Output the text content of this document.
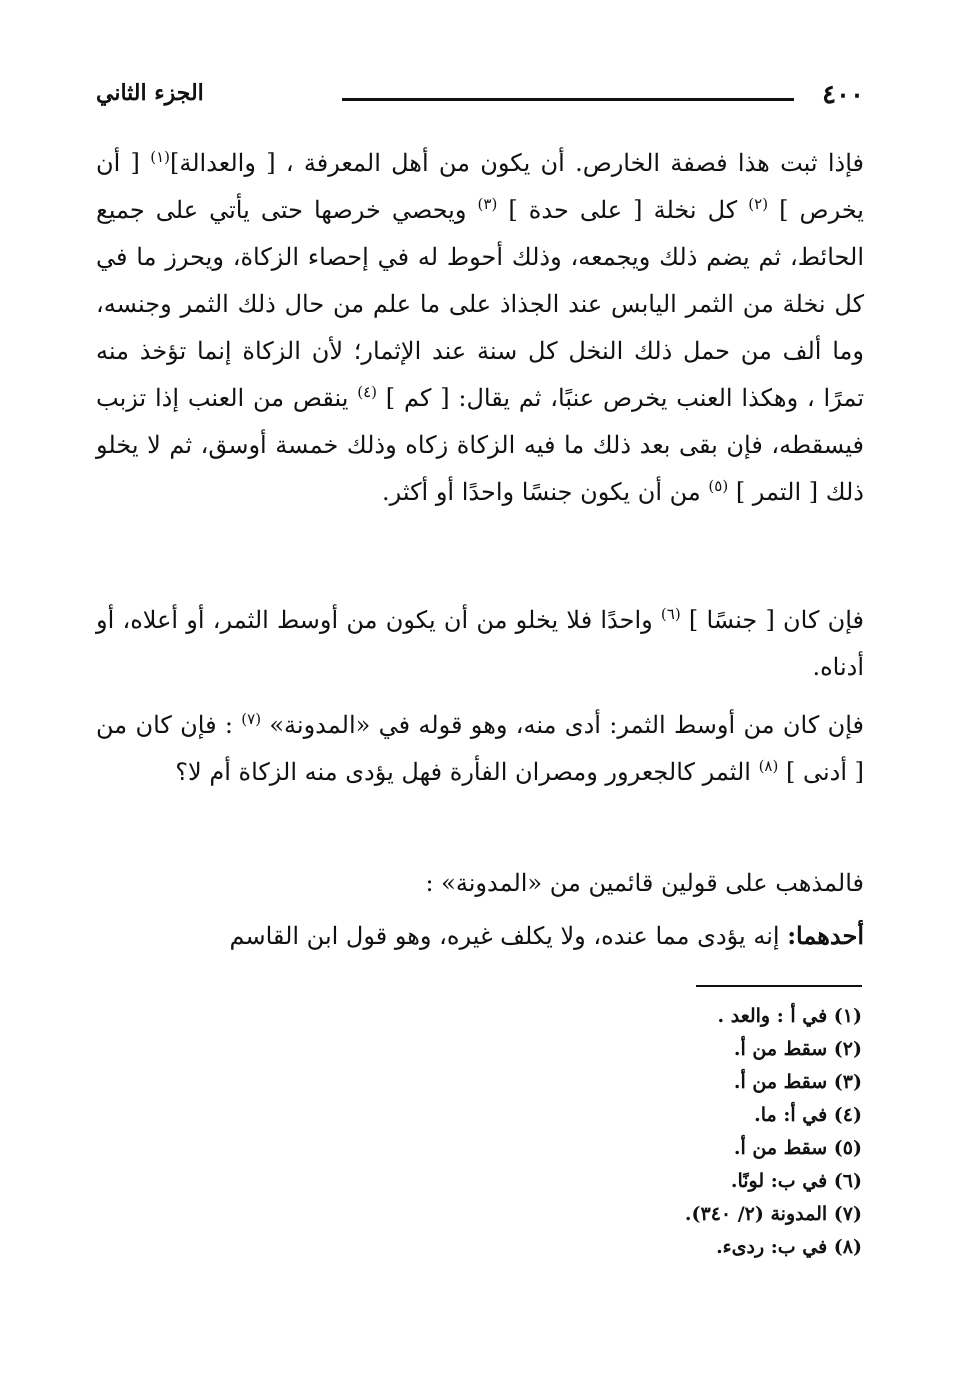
٤٠٠
الجزء الثاني

فإذا ثبت هذا فصفة الخارص. أن يكون من أهل المعرفة ، [ والعدالة]$^{(١)}$ [ أن يخرص ] $^{(٢)}$ كل نخلة [ على حدة ] $^{(٣)}$ ويحصي خرصها حتى يأتي على جميع الحائط، ثم يضم ذلك ويجمعه، وذلك أحوط له في إحصاء الزكاة، ويحرز ما في كل نخلة من الثمر اليابس عند الجذاذ على ما علم من حال ذلك الثمر وجنسه، وما ألف من حمل ذلك النخل كل سنة عند الإثمار؛ لأن الزكاة إنما تؤخذ منه تمرًا ، وهكذا العنب يخرص عنبًا، ثم يقال: [ كم ] $^{(٤)}$ ينقص من العنب إذا تزبب فيسقطه، فإن بقى بعد ذلك ما فيه الزكاة زكاه وذلك خمسة أوسق، ثم لا يخلو ذلك [ التمر ] $^{(٥)}$ من أن يكون جنسًا واحدًا أو أكثر.

فإن كان [ جنسًا ] $^{(٦)}$ واحدًا فلا يخلو من أن يكون من أوسط الثمر، أو أعلاه، أو أدناه.

فإن كان من أوسط الثمر: أدى منه، وهو قوله في «المدونة» $^{(٧)}$ : فإن كان من [ أدنى ] $^{(٨)}$ الثمر كالجعرور ومصران الفأرة فهل يؤدى منه الزكاة أم لا؟

فالمذهب على قولين قائمين من «المدونة» :

أحدهما: إنه يؤدى مما عنده، ولا يكلف غيره، وهو قول ابن القاسم

(١) في أ : والعد .
(٢) سقط من أ.
(٣) سقط من أ.
(٤) في أ: ما.
(٥) سقط من أ.
(٦) في ب: لونًا.
(٧) المدونة (٢/ ٣٤٠).
(٨) في ب: ردىء.
